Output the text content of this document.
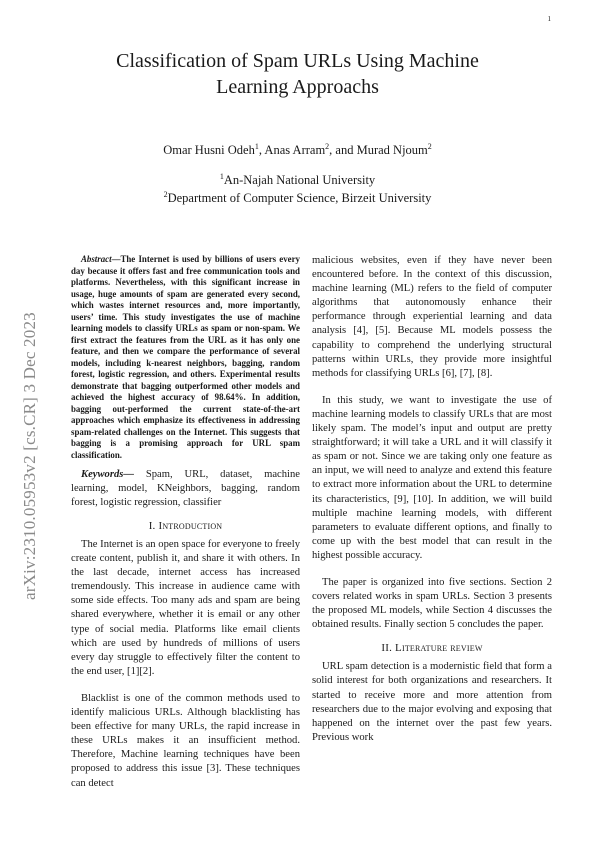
1
arXiv:2310.05953v2 [cs.CR] 3 Dec 2023
Classification of Spam URLs Using Machine
Learning Approachs
Omar Husni Odeh$^1$, Anas Arram$^2$, and Murad Njoum$^2$
$^1$An-Najah National University
$^2$Department of Computer Science, Birzeit University

Abstract—The Internet is used by billions of users every day because it offers fast and free communication tools and platforms. Nevertheless, with this significant increase in usage, huge amounts of spam are generated every second, which wastes internet resources and, more importantly, users’ time. This study investigates the use of machine learning models to classify URLs as spam or non-spam. We first extract the features from the URL as it has only one feature, and then we compare the performance of several models, including k-nearest neighbors, bagging, random forest, logistic regression, and others. Experimental results demonstrate that bagging outperformed other models and achieved the highest accuracy of 98.64%. In addition, bagging out-performed the current state-of-the-art approaches which emphasize its effectiveness in addressing spam-related challenges on the Internet. This suggests that bagging is a promising approach for URL spam classification.

Keywords— Spam, URL, dataset, machine learning, model, KNeighbors, bagging, random forest, logistic regression, classifier

I. Introduction

The Internet is an open space for everyone to freely create content, publish it, and share it with others. In the last decade, internet access has increased tremendously. This increase in audience came with some side effects. Too many ads and spam are being shared everywhere, whether it is email or any other type of social media. Platforms like email clients which are used by hundreds of millions of users every day struggle to effectively filter the content to the end user, [1][2].

Blacklist is one of the common methods used to identify malicious URLs. Although blacklisting has been effective for many URLs, the rapid increase in these URLs makes it an insufficient method. Therefore, Machine learning techniques have been proposed to address this issue [3]. These techniques can detect

malicious websites, even if they have never been encountered before. In the context of this discussion, machine learning (ML) refers to the field of computer algorithms that autonomously enhance their performance through experiential learning and data analysis [4], [5]. Because ML models possess the capability to comprehend the underlying structural patterns within URLs, they provide more insightful methods for classifying URLs [6], [7], [8].

In this study, we want to investigate the use of machine learning models to classify URLs that are most likely spam. The model’s input and output are pretty straightforward; it will take a URL and it will classify it as spam or not. Since we are taking only one feature as an input, we will need to analyze and extend this feature to extract more information about the URL to determine its characteristics, [9], [10]. In addition, we will build multiple machine learning models, with different parameters to evaluate different options, and finally to come up with the best model that can result in the highest possible accuracy.

The paper is organized into five sections. Section 2 covers related works in spam URLs. Section 3 presents the proposed ML models, while Section 4 discusses the obtained results. Finally section 5 concludes the paper.

II. Literature review

URL spam detection is a modernistic field that form a solid interest for both organizations and researchers. It started to receive more and more attention from researchers due to the major evolving and exposing that happened on the internet over the past few years. Previous work
